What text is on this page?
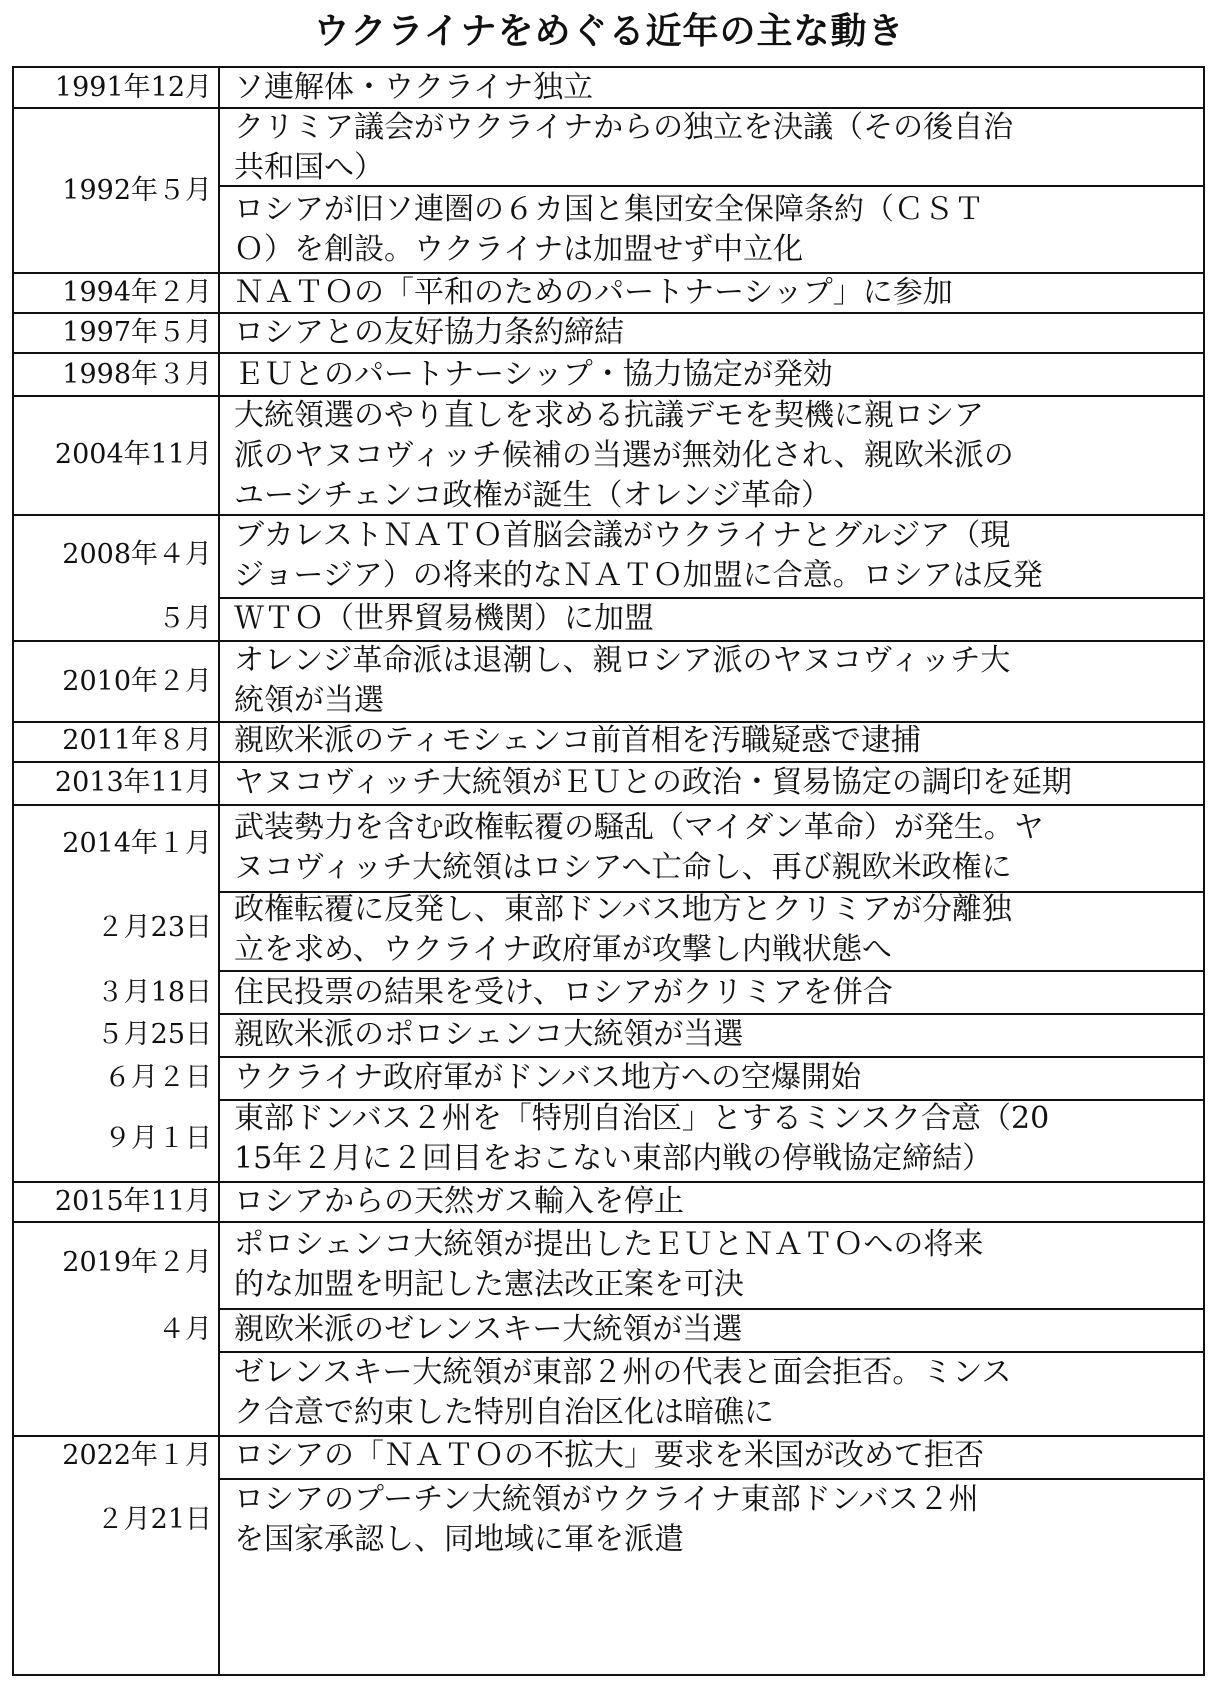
ウクライナをめぐる近年の主な動き
1991年12月
1992年５月
1994年２月
1997年５月
1998年３月
2004年11月
2008年４月
５月
2010年２月
2011年８月
2013年11月
2014年１月
２月23日
３月18日
５月25日
６月２日
９月１日
2015年11月
2019年２月
４月
2022年１月
２月21日
ソ連解体・ウクライナ独立
クリミア議会がウクライナからの独立を決議（その後自治
共和国へ）
ロシアが旧ソ連圏の６カ国と集団安全保障条約（ＣＳＴ
Ｏ）を創設。ウクライナは加盟せず中立化
ＮＡＴＯの「平和のためのパートナーシップ」に参加
ロシアとの友好協力条約締結
ＥＵとのパートナーシップ・協力協定が発効
大統領選のやり直しを求める抗議デモを契機に親ロシア
派のヤヌコヴィッチ候補の当選が無効化され、親欧米派の
ユーシチェンコ政権が誕生（オレンジ革命）
ブカレストＮＡＴＯ首脳会議がウクライナとグルジア（現
ジョージア）の将来的なＮＡＴＯ加盟に合意。ロシアは反発
ＷＴＯ（世界貿易機関）に加盟
オレンジ革命派は退潮し、親ロシア派のヤヌコヴィッチ大
統領が当選
親欧米派のティモシェンコ前首相を汚職疑惑で逮捕
ヤヌコヴィッチ大統領がＥＵとの政治・貿易協定の調印を延期
武装勢力を含む政権転覆の騒乱（マイダン革命）が発生。ヤ
ヌコヴィッチ大統領はロシアへ亡命し、再び親欧米政権に
政権転覆に反発し、東部ドンバス地方とクリミアが分離独
立を求め、ウクライナ政府軍が攻撃し内戦状態へ
住民投票の結果を受け、ロシアがクリミアを併合
親欧米派のポロシェンコ大統領が当選
ウクライナ政府軍がドンバス地方への空爆開始
東部ドンバス２州を「特別自治区」とするミンスク合意（20
15年２月に２回目をおこない東部内戦の停戦協定締結）
ロシアからの天然ガス輸入を停止
ポロシェンコ大統領が提出したＥＵとＮＡＴＯへの将来
的な加盟を明記した憲法改正案を可決
親欧米派のゼレンスキー大統領が当選
ゼレンスキー大統領が東部２州の代表と面会拒否。ミンス
ク合意で約束した特別自治区化は暗礁に
ロシアの「ＮＡＴＯの不拡大」要求を米国が改めて拒否
ロシアのプーチン大統領がウクライナ東部ドンバス２州
を国家承認し、同地域に軍を派遣
